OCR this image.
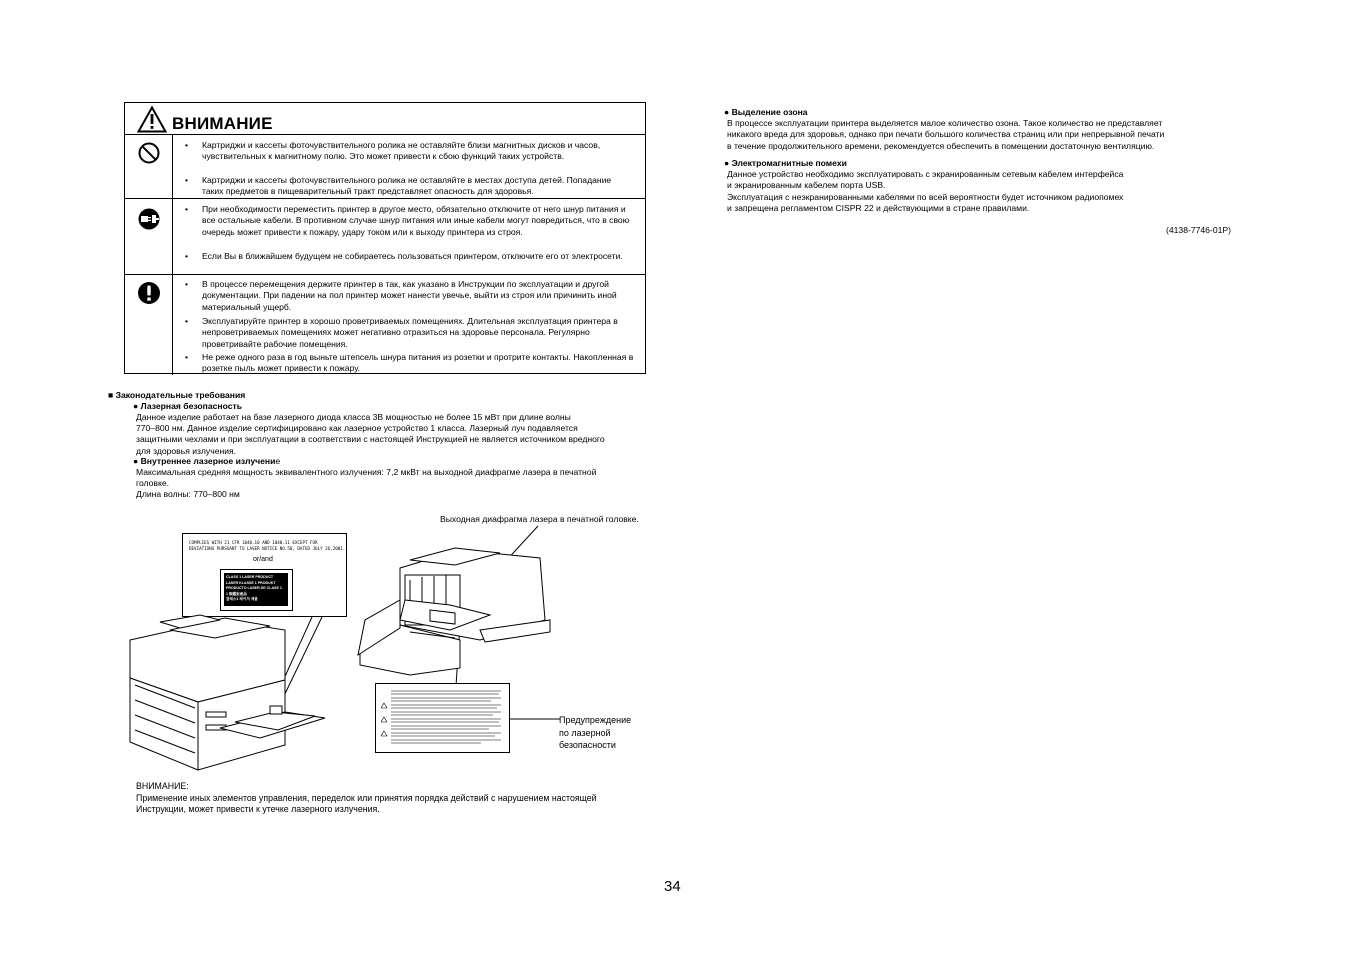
ВНИМАНИЕ
• Картриджи и кассеты фоточувствительного ролика не оставляйте близи магнитных дисков и часов, чувствительных к магнитному полю. Это может привести к сбою функций таких устройств.
• Картриджи и кассеты фоточувствительного ролика не оставляйте в местах доступа детей. Попадание таких предметов в пищеварительный тракт представляет опасность для здоровья.
• При необходимости переместить принтер в другое место, обязательно отключите от него шнур питания и все остальные кабели. В противном случае шнур питания или иные кабели могут повредиться, что в свою очередь может привести к пожару, удару током или к выходу принтера из строя.
• Если Вы в ближайшем будущем не собираетесь пользоваться принтером, отключите его от электросети.
• В процессе перемещения держите принтер в так, как указано в Инструкции по эксплуатации и другой документации. При падении на пол принтер может нанести увечье, выйти из строя или причинить иной материальный ущерб.
• Эксплуатируйте принтер в хорошо проветриваемых помещениях. Длительная эксплуатация принтера в непроветриваемых помещениях может негативно отразиться на здоровье персонала. Регулярно проветривайте рабочие помещения.
• Не реже одного раза в год выньте штепсель шнура питания из розетки и протрите контакты. Накопленная в розетке пыль может привести к пожару.
■ Законодательные требования
● Лазерная безопасность
Данное изделие работает на базе лазерного диода класса 3B мощностью не более 15 мВт при длине волны
770–800 нм. Данное изделие сертифицировано как лазерное устройство 1 класса. Лазерный луч подавляется
защитными чехлами и при эксплуатации в соответствии с настоящей Инструкцией не является источником вредного
для здоровья излучения.
● Внутреннее лазерное излучение
Максимальная средняя мощность эквивалентного излучения: 7,2 мкВт на выходной диафрагме лазера в печатной
головке.
Длина волны: 770–800 нм
Выходная диафрагма лазера в печатной головке.
COMPLIES WITH 21 CFR 1040.10 AND 1040.11 EXCEPT FOR
DEVIATIONS PURSUANT TO LASER NOTICE NO.50, DATED JULY 26,2001.
or/and
CLASS 1 LASER PRODUCT
LASER KLASSE 1 PRODUKT
PRODUCTO LASER DE CLASE 1
1 類鐳射產品
클래스1 레이저 제품
Предупреждение
по лазерной
безопасности
ВНИМАНИЕ:
Применение иных элементов управления, переделок или принятия порядка действий с нарушением настоящей
Инструкции, может привести к утечке лазерного излучения.
● Выделение озона
В процессе эксплуатации принтера выделяется малое количество озона. Такое количество не представляет
никакого вреда для здоровья, однако при печати большого количества страниц или при непрерывной печати
в течение продолжительного времени, рекомендуется обеспечить в помещении достаточную вентиляцию.
● Электромагнитные помехи
Данное устройство необходимо эксплуатировать с экранированным сетевым кабелем интерфейса
и экранированным кабелем порта USB.
Эксплуатация с неэкранированными кабелями по всей вероятности будет источником радиопомех
и запрещена регламентом CISPR 22 и действующими в стране правилами.
(4138-7746-01P)
34
